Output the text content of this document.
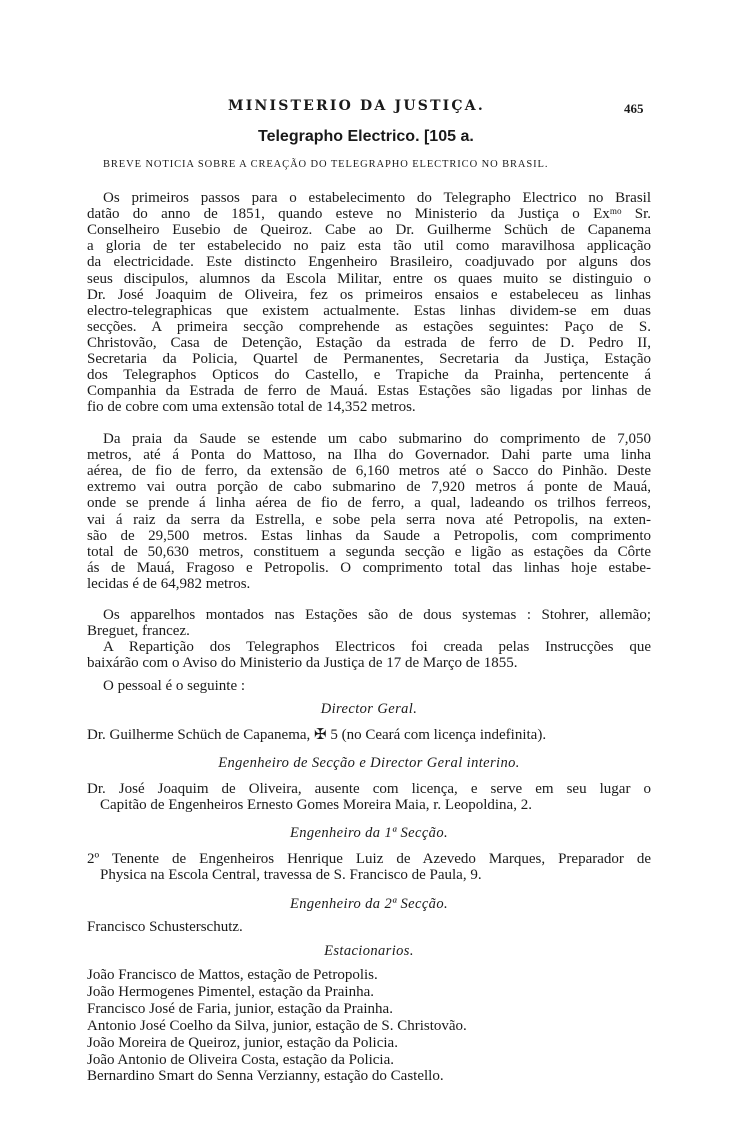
MINISTERIO DA JUSTIÇA.	465
Telegrapho Electrico. [105 a.
BREVE NOTICIA SOBRE A CREAÇÃO DO TELEGRAPHO ELECTRICO NO BRASIL.
Os primeiros passos para o estabelecimento do Telegrapho Electrico no Brasil
datão do anno de 1851, quando esteve no Ministerio da Justiça o Exᵐᵒ Sr.
Conselheiro Eusebio de Queiroz. Cabe ao Dr. Guilherme Schüch de Capanema
a gloria de ter estabelecido no paiz esta tão util como maravilhosa applicação
da electricidade. Este distincto Engenheiro Brasileiro, coadjuvado por alguns dos
seus discipulos, alumnos da Escola Militar, entre os quaes muito se distinguio o
Dr. José Joaquim de Oliveira, fez os primeiros ensaios e estabeleceu as linhas
electro-telegraphicas que existem actualmente. Estas linhas dividem-se em duas
secções. A primeira secção comprehende as estações seguintes: Paço de S.
Christovão, Casa de Detenção, Estação da estrada de ferro de D. Pedro II,
Secretaria da Policia, Quartel de Permanentes, Secretaria da Justiça, Estação
dos Telegraphos Opticos do Castello, e Trapiche da Prainha, pertencente á
Companhia da Estrada de ferro de Mauá. Estas Estações são ligadas por linhas de
fio de cobre com uma extensão total de 14,352 metros.
Da praia da Saude se estende um cabo submarino do comprimento de 7,050
metros, até á Ponta do Mattoso, na Ilha do Governador. Dahi parte uma linha
aérea, de fio de ferro, da extensão de 6,160 metros até o Sacco do Pinhão. Deste
extremo vai outra porção de cabo submarino de 7,920 metros á ponte de Mauá,
onde se prende á linha aérea de fio de ferro, a qual, ladeando os trilhos ferreos,
vai á raiz da serra da Estrella, e sobe pela serra nova até Petropolis, na exten-
são de 29,500 metros. Estas linhas da Saude a Petropolis, com comprimento
total de 50,630 metros, constituem a segunda secção e ligão as estações da Côrte
ás de Mauá, Fragoso e Petropolis. O comprimento total das linhas hoje estabe-
lecidas é de 64,982 metros.
Os apparelhos montados nas Estações são de dous systemas : Stohrer, allemão;
Breguet, francez.
A Repartição dos Telegraphos Electricos foi creada pelas Instrucções que
baixárão com o Aviso do Ministerio da Justiça de 17 de Março de 1855.
O pessoal é o seguinte :
Director Geral.
Dr. Guilherme Schüch de Capanema, ✠ 5 (no Ceará com licença indefinita).
Engenheiro de Secção e Director Geral interino.
Dr. José Joaquim de Oliveira, ausente com licença, e serve em seu lugar o
Capitão de Engenheiros Ernesto Gomes Moreira Maia, r. Leopoldina, 2.
Engenheiro da 1ª Secção.
2º Tenente de Engenheiros Henrique Luiz de Azevedo Marques, Preparador de
Physica na Escola Central, travessa de S. Francisco de Paula, 9.
Engenheiro da 2ª Secção.
Francisco Schusterschutz.
Estacionarios.
João Francisco de Mattos, estação de Petropolis.
João Hermogenes Pimentel, estação da Prainha.
Francisco José de Faria, junior, estação da Prainha.
Antonio José Coelho da Silva, junior, estação de S. Christovão.
João Moreira de Queiroz, junior, estação da Policia.
João Antonio de Oliveira Costa, estação da Policia.
Bernardino Smart do Senna Verzianny, estação do Castello.
